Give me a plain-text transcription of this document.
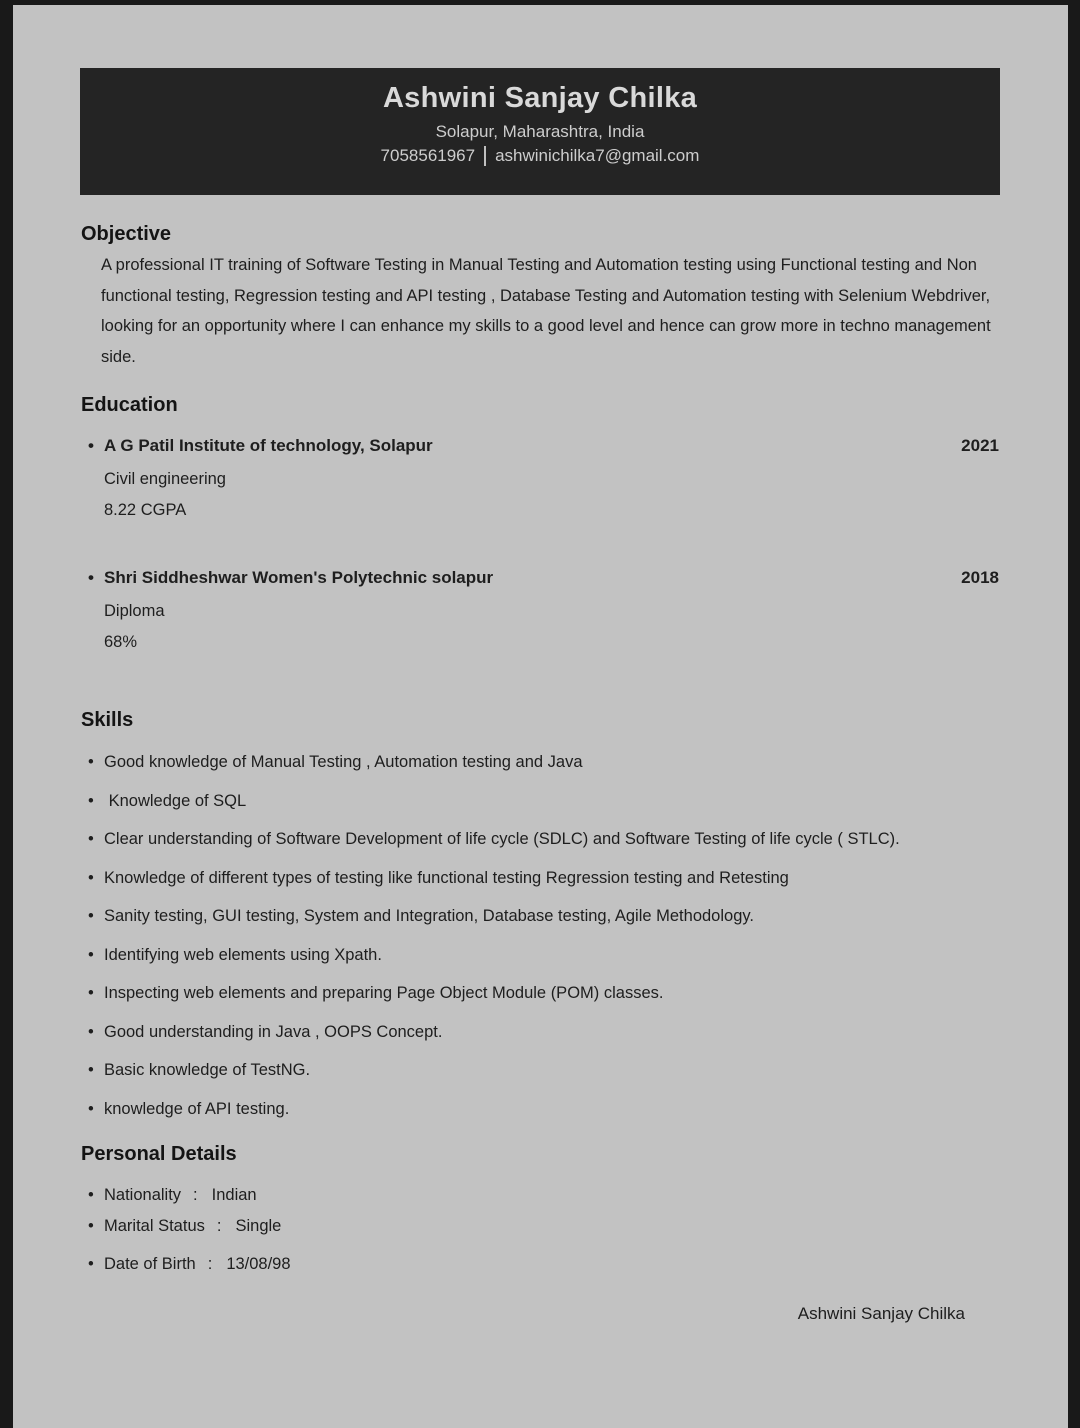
Ashwini Sanjay Chilka
Solapur, Maharashtra, India
7058561967 ashwinichilka7@gmail.com
Objective
A professional IT training of Software Testing in Manual Testing and Automation testing using Functional testing and Non functional testing, Regression testing and API testing , Database Testing and Automation testing with Selenium Webdriver, looking for an opportunity where I can enhance my skills to a good level and hence can grow more in techno management side.
Education
• A G Patil Institute of technology, Solapur	2021
Civil engineering
8.22 CGPA
• Shri Siddheshwar Women's Polytechnic solapur	2018
Diploma
68%
Skills
• Good knowledge of Manual Testing , Automation testing and Java
• Knowledge of SQL
• Clear understanding of Software Development of life cycle (SDLC) and Software Testing of life cycle ( STLC).
• Knowledge of different types of testing like functional testing Regression testing and Retesting
• Sanity testing, GUI testing, System and Integration, Database testing, Agile Methodology.
• Identifying web elements using Xpath.
• Inspecting web elements and preparing Page Object Module (POM) classes.
• Good understanding in Java , OOPS Concept.
• Basic knowledge of TestNG.
• knowledge of API testing.
Personal Details
• Nationality : Indian
• Marital Status : Single
• Date of Birth : 13/08/98
Ashwini Sanjay Chilka
